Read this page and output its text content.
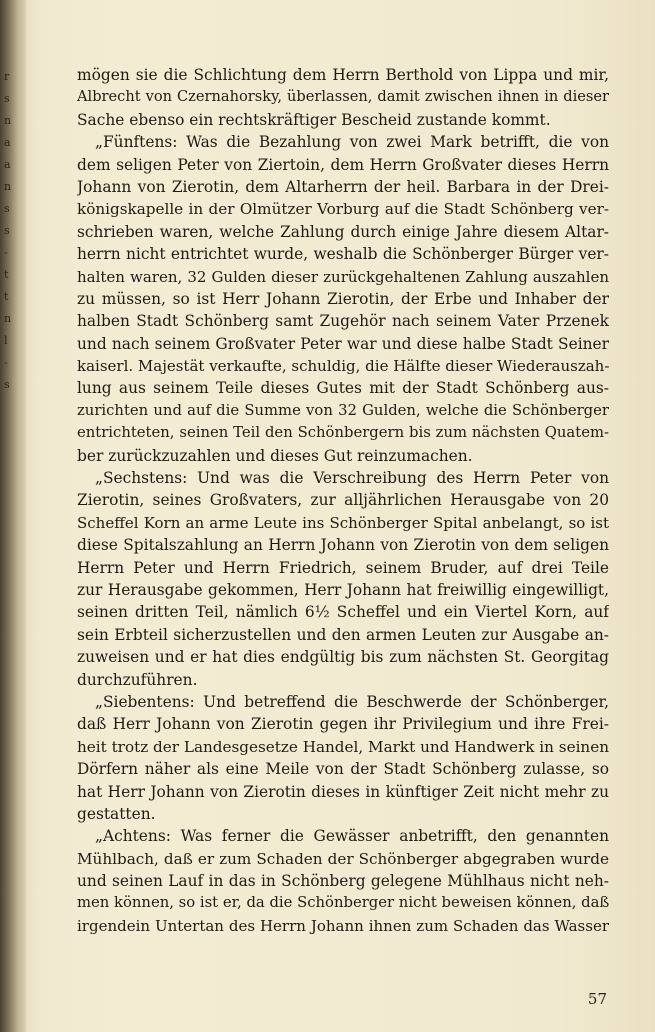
r
s
n
a
a
n
s
s
-
t
t
n
l
-
s
mögen sie die Schlichtung dem Herrn Berthold von Lippa und mir,
Albrecht von Czernahorsky, überlassen, damit zwischen ihnen in dieser
Sache ebenso ein rechtskräftiger Bescheid zustande kommt.
„Fünftens: Was die Bezahlung von zwei Mark betrifft, die von
dem seligen Peter von Ziertoin, dem Herrn Großvater dieses Herrn
Johann von Zierotin, dem Altarherrn der heil. Barbara in der Drei-
königskapelle in der Olmützer Vorburg auf die Stadt Schönberg ver-
schrieben waren, welche Zahlung durch einige Jahre diesem Altar-
herrn nicht entrichtet wurde, weshalb die Schönberger Bürger ver-
halten waren, 32 Gulden dieser zurückgehaltenen Zahlung auszahlen
zu müssen, so ist Herr Johann Zierotin, der Erbe und Inhaber der
halben Stadt Schönberg samt Zugehör nach seinem Vater Przenek
und nach seinem Großvater Peter war und diese halbe Stadt Seiner
kaiserl. Majestät verkaufte, schuldig, die Hälfte dieser Wiederauszah-
lung aus seinem Teile dieses Gutes mit der Stadt Schönberg aus-
zurichten und auf die Summe von 32 Gulden, welche die Schönberger
entrichteten, seinen Teil den Schönbergern bis zum nächsten Quatem-
ber zurückzuzahlen und dieses Gut reinzumachen.
„Sechstens: Und was die Verschreibung des Herrn Peter von
Zierotin, seines Großvaters, zur alljährlichen Herausgabe von 20
Scheffel Korn an arme Leute ins Schönberger Spital anbelangt, so ist
diese Spitalszahlung an Herrn Johann von Zierotin von dem seligen
Herrn Peter und Herrn Friedrich, seinem Bruder, auf drei Teile
zur Herausgabe gekommen, Herr Johann hat freiwillig eingewilligt,
seinen dritten Teil, nämlich 6½ Scheffel und ein Viertel Korn, auf
sein Erbteil sicherzustellen und den armen Leuten zur Ausgabe an-
zuweisen und er hat dies endgültig bis zum nächsten St. Georgitag
durchzuführen.
„Siebentens: Und betreffend die Beschwerde der Schönberger,
daß Herr Johann von Zierotin gegen ihr Privilegium und ihre Frei-
heit trotz der Landesgesetze Handel, Markt und Handwerk in seinen
Dörfern näher als eine Meile von der Stadt Schönberg zulasse, so
hat Herr Johann von Zierotin dieses in künftiger Zeit nicht mehr zu
gestatten.
„Achtens: Was ferner die Gewässer anbetrifft, den genannten
Mühlbach, daß er zum Schaden der Schönberger abgegraben wurde
und seinen Lauf in das in Schönberg gelegene Mühlhaus nicht neh-
men können, so ist er, da die Schönberger nicht beweisen können, daß
irgendein Untertan des Herrn Johann ihnen zum Schaden das Wasser
57
